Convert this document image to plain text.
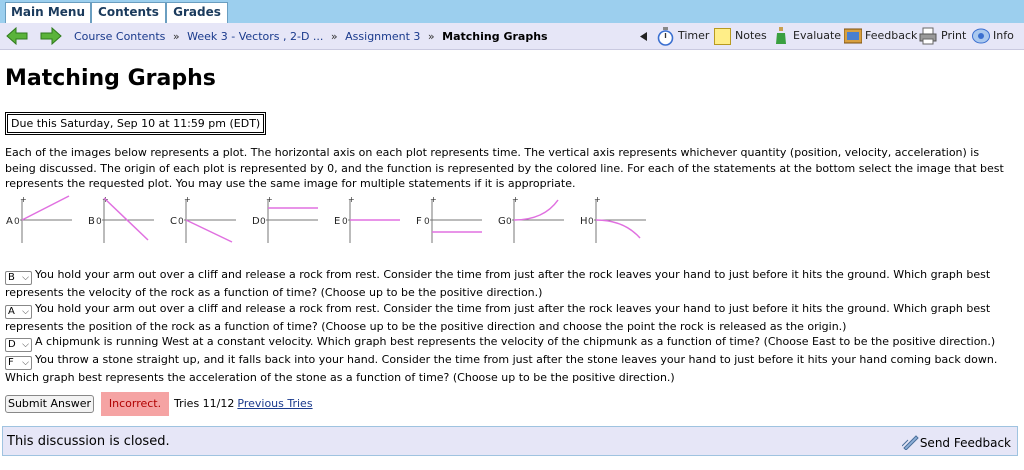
Main Menu	Contents	Grades
Course Contents » Week 3 - Vectors , 2-D ... » Assignment 3 » Matching Graphs	Timer Notes Evaluate Feedback Print Info
Matching Graphs
Due this Saturday, Sep 10 at 11:59 pm (EDT)
Each of the images below represents a plot. The horizontal axis on each plot represents time. The vertical axis represents whichever quantity (position, velocity, acceleration) is being discussed. The origin of each plot is represented by 0, and the function is represented by the colored line. For each of the statements at the bottom select the image that best represents the requested plot. You may use the same image for multiple statements if it is appropriate.
A 0
+
B 0
+
C 0
+
D 0
+
E 0
+
F 0
+
G 0
+
H 0
+
B ⌵ You hold your arm out over a cliff and release a rock from rest. Consider the time from just after the rock leaves your hand to just before it hits the ground. Which graph best represents the velocity of the rock as a function of time? (Choose up to be the positive direction.)
A ⌵ You hold your arm out over a cliff and release a rock from rest. Consider the time from just after the rock leaves your hand to just before it hits the ground. Which graph best represents the position of the rock as a function of time? (Choose up to be the positive direction and choose the point the rock is released as the origin.)
D ⌵ A chipmunk is running West at a constant velocity. Which graph best represents the velocity of the chipmunk as a function of time? (Choose East to be the positive direction.)
F ⌵ You throw a stone straight up, and it falls back into your hand. Consider the time from just after the stone leaves your hand to just before it hits your hand coming back down. Which graph best represents the acceleration of the stone as a function of time? (Choose up to be the positive direction.)
Submit Answer	Incorrect.	Tries 11/12 Previous Tries
This discussion is closed.	Send Feedback
